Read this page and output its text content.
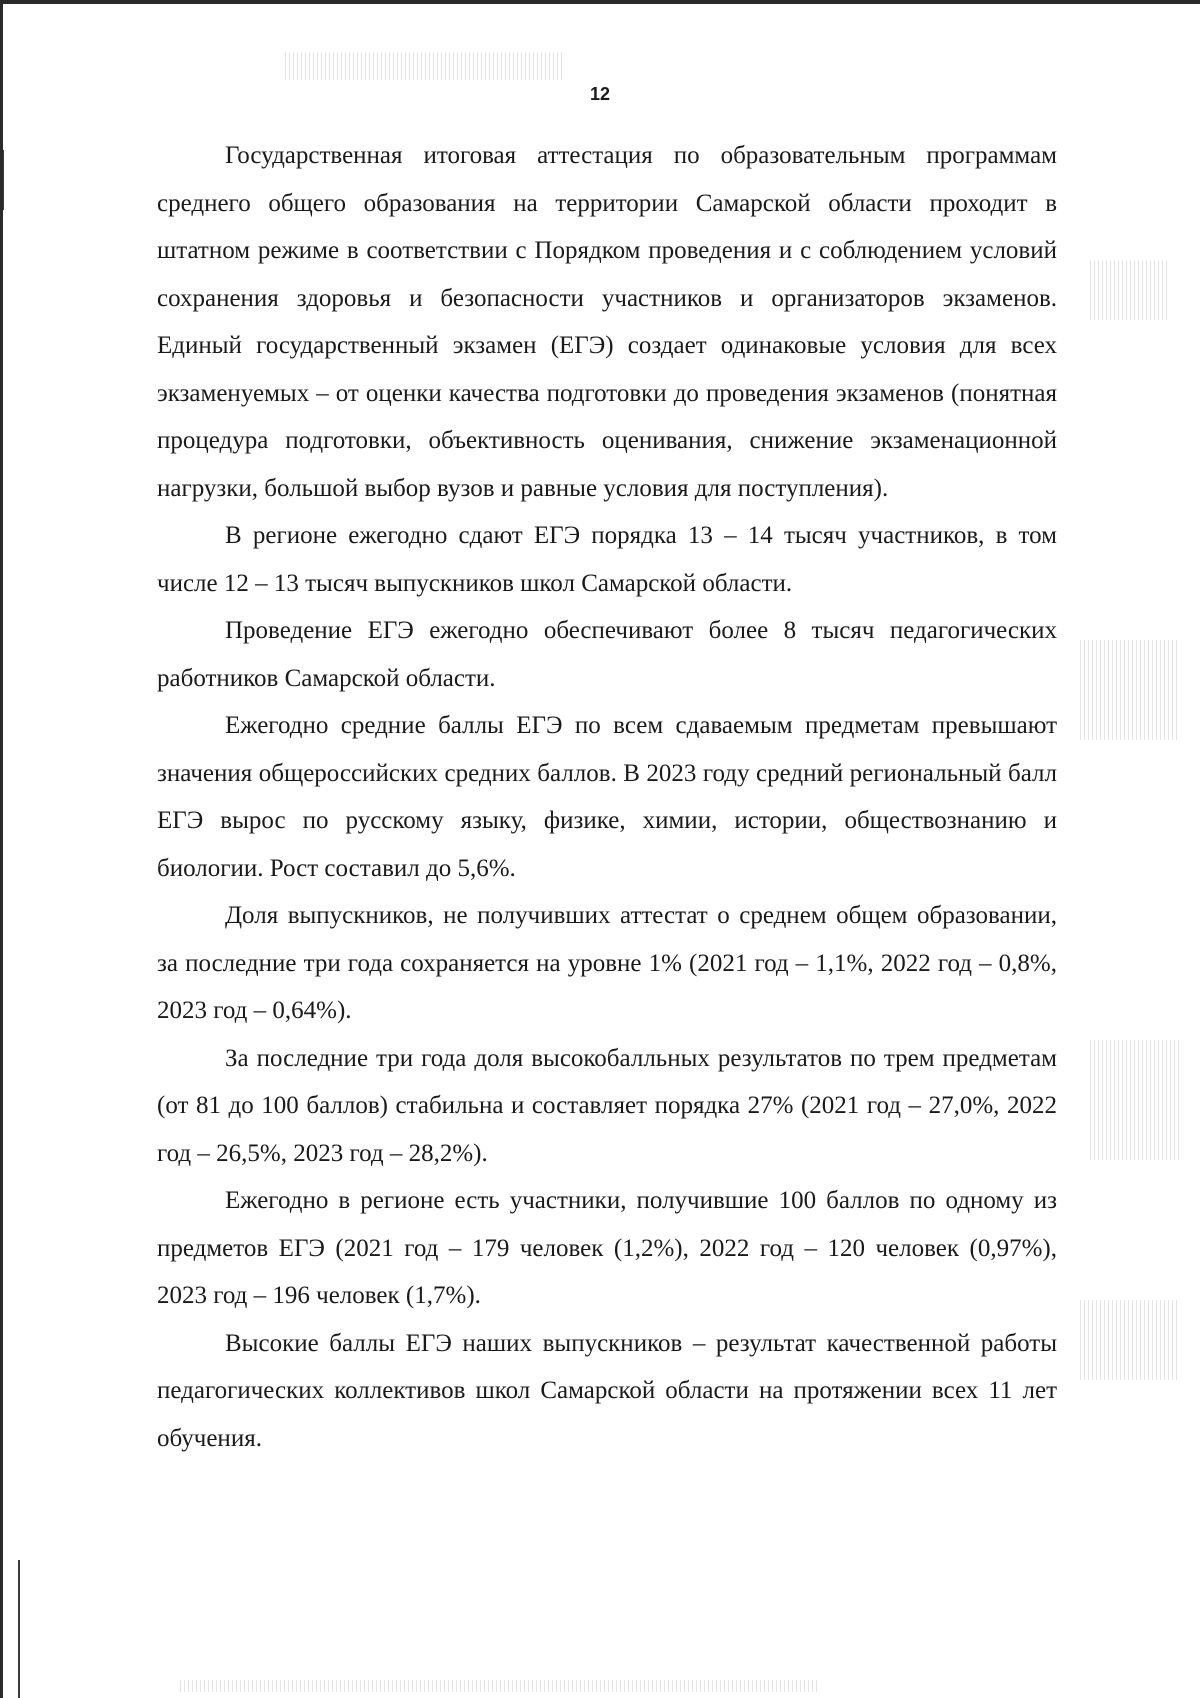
12

Государственная итоговая аттестация по образовательным программам среднего общего образования на территории Самарской области проходит в штатном режиме в соответствии с Порядком проведения и с соблюдением условий сохранения здоровья и безопасности участников и организаторов экзаменов. Единый государственный экзамен (ЕГЭ) создает одинаковые условия для всех экзаменуемых – от оценки качества подготовки до проведения экзаменов (понятная процедура подготовки, объективность оценивания, снижение экзаменационной нагрузки, большой выбор вузов и равные условия для поступления).

В регионе ежегодно сдают ЕГЭ порядка 13 – 14 тысяч участников, в том числе 12 – 13 тысяч выпускников школ Самарской области.

Проведение ЕГЭ ежегодно обеспечивают более 8 тысяч педагогических работников Самарской области.

Ежегодно средние баллы ЕГЭ по всем сдаваемым предметам превышают значения общероссийских средних баллов. В 2023 году средний региональный балл ЕГЭ вырос по русскому языку, физике, химии, истории, обществознанию и биологии. Рост составил до 5,6%.

Доля выпускников, не получивших аттестат о среднем общем образовании, за последние три года сохраняется на уровне 1% (2021 год – 1,1%, 2022 год – 0,8%, 2023 год – 0,64%).

За последние три года доля высокобалльных результатов по трем предметам (от 81 до 100 баллов) стабильна и составляет порядка 27% (2021 год – 27,0%, 2022 год – 26,5%, 2023 год – 28,2%).

Ежегодно в регионе есть участники, получившие 100 баллов по одному из предметов ЕГЭ (2021 год – 179 человек (1,2%), 2022 год – 120 человек (0,97%), 2023 год – 196 человек (1,7%).

Высокие баллы ЕГЭ наших выпускников – результат качественной работы педагогических коллективов школ Самарской области на протяжении всех 11 лет обучения.
